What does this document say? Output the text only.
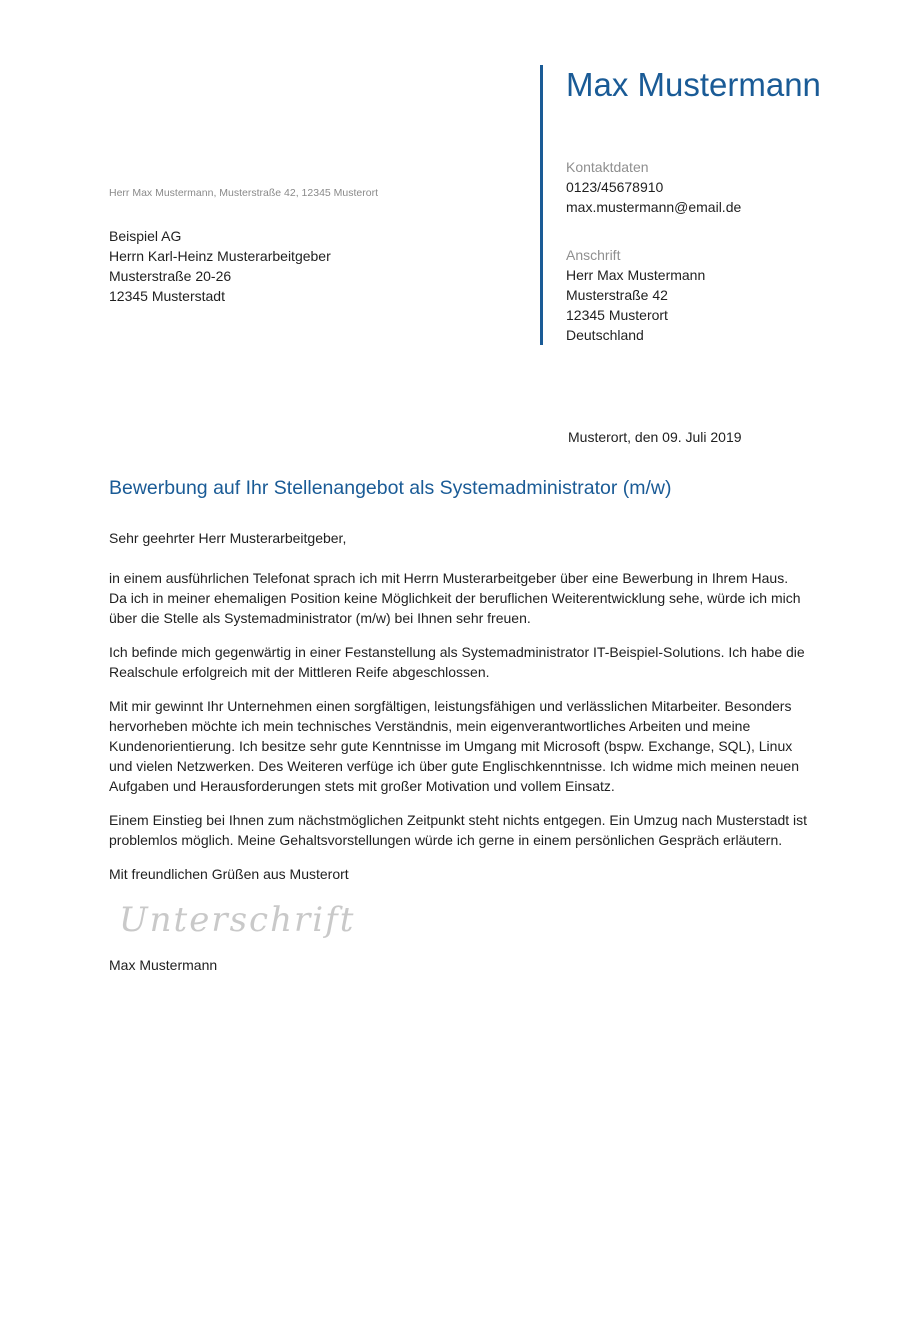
Max Mustermann
Kontaktdaten
0123/45678910
max.mustermann@email.de
Anschrift
Herr Max Mustermann
Musterstraße 42
12345 Musterort
Deutschland
Herr Max Mustermann, Musterstraße 42, 12345 Musterort
Beispiel AG
Herrn Karl-Heinz Musterarbeitgeber
Musterstraße 20-26
12345 Musterstadt
Musterort, den 09. Juli 2019
Bewerbung auf Ihr Stellenangebot als Systemadministrator (m/w)
Sehr geehrter Herr Musterarbeitgeber,

in einem ausführlichen Telefonat sprach ich mit Herrn Musterarbeitgeber über eine Bewerbung in Ihrem Haus.
Da ich in meiner ehemaligen Position keine Möglichkeit der beruflichen Weiterentwicklung sehe, würde ich mich
über die Stelle als Systemadministrator (m/w) bei Ihnen sehr freuen.

Ich befinde mich gegenwärtig in einer Festanstellung als Systemadministrator IT-Beispiel-Solutions. Ich habe die
Realschule erfolgreich mit der Mittleren Reife abgeschlossen.

Mit mir gewinnt Ihr Unternehmen einen sorgfältigen, leistungsfähigen und verlässlichen Mitarbeiter. Besonders
hervorheben möchte ich mein technisches Verständnis, mein eigenverantwortliches Arbeiten und meine
Kundenorientierung. Ich besitze sehr gute Kenntnisse im Umgang mit Microsoft (bspw. Exchange, SQL), Linux
und vielen Netzwerken. Des Weiteren verfüge ich über gute Englischkenntnisse. Ich widme mich meinen neuen
Aufgaben und Herausforderungen stets mit großer Motivation und vollem Einsatz.

Einem Einstieg bei Ihnen zum nächstmöglichen Zeitpunkt steht nichts entgegen. Ein Umzug nach Musterstadt ist
problemlos möglich. Meine Gehaltsvorstellungen würde ich gerne in einem persönlichen Gespräch erläutern.

Mit freundlichen Grüßen aus Musterort

Unterschrift
Max Mustermann
